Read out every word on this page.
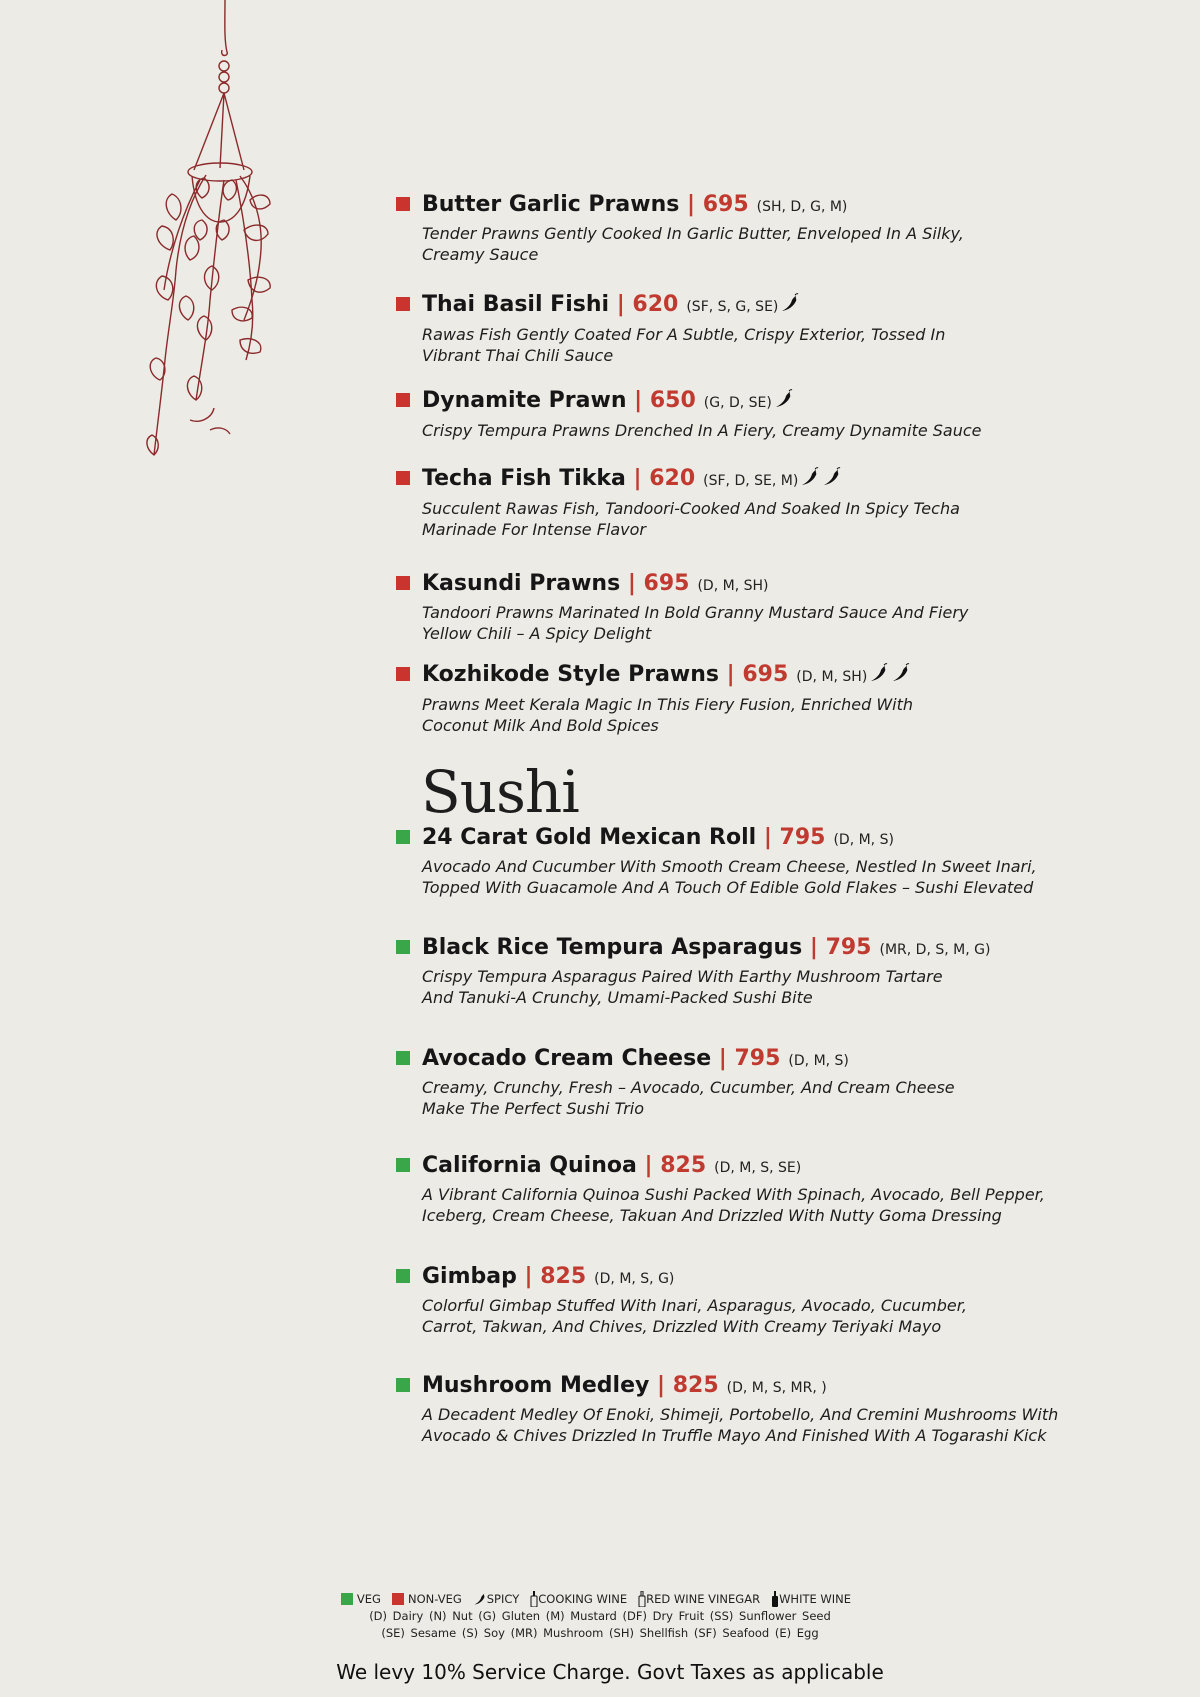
Butter Garlic Prawns | 695 (SH, D, G, M)
Tender Prawns Gently Cooked In Garlic Butter, Enveloped In A Silky,
Creamy Sauce
Thai Basil Fishi | 620 (SF, S, G, SE)
Rawas Fish Gently Coated For A Subtle, Crispy Exterior, Tossed In
Vibrant Thai Chili Sauce
Dynamite Prawn | 650 (G, D, SE)
Crispy Tempura Prawns Drenched In A Fiery, Creamy Dynamite Sauce
Techa Fish Tikka | 620 (SF, D, SE, M)
Succulent Rawas Fish, Tandoori-Cooked And Soaked In Spicy Techa
Marinade For Intense Flavor
Kasundi Prawns | 695 (D, M, SH)
Tandoori Prawns Marinated In Bold Granny Mustard Sauce And Fiery
Yellow Chili – A Spicy Delight
Kozhikode Style Prawns | 695 (D, M, SH)
Prawns Meet Kerala Magic In This Fiery Fusion, Enriched With
Coconut Milk And Bold Spices
24 Carat Gold Mexican Roll | 795 (D, M, S)
Avocado And Cucumber With Smooth Cream Cheese, Nestled In Sweet Inari,
Topped With Guacamole And A Touch Of Edible Gold Flakes – Sushi Elevated
Black Rice Tempura Asparagus | 795 (MR, D, S, M, G)
Crispy Tempura Asparagus Paired With Earthy Mushroom Tartare
And Tanuki-A Crunchy, Umami-Packed Sushi Bite
Avocado Cream Cheese | 795 (D, M, S)
Creamy, Crunchy, Fresh – Avocado, Cucumber, And Cream Cheese
Make The Perfect Sushi Trio
California Quinoa | 825 (D, M, S, SE)
A Vibrant California Quinoa Sushi Packed With Spinach, Avocado, Bell Pepper,
Iceberg, Cream Cheese, Takuan And Drizzled With Nutty Goma Dressing
Gimbap | 825 (D, M, S, G)
Colorful Gimbap Stuffed With Inari, Asparagus, Avocado, Cucumber,
Carrot, Takwan, And Chives, Drizzled With Creamy Teriyaki Mayo
Mushroom Medley | 825 (D, M, S, MR, )
A Decadent Medley Of Enoki, Shimeji, Portobello, And Cremini Mushrooms With
Avocado & Chives Drizzled In Truffle Mayo And Finished With A Togarashi Kick
Sushi
VEG NON-VEG SPICY COOKING WINE RED WINE VINEGAR WHITE WINE
(D) Dairy (N) Nut (G) Gluten (M) Mustard (DF) Dry Fruit (SS) Sunflower Seed
(SE) Sesame (S) Soy (MR) Mushroom (SH) Shellfish (SF) Seafood (E) Egg
We levy 10% Service Charge. Govt Taxes as applicable
